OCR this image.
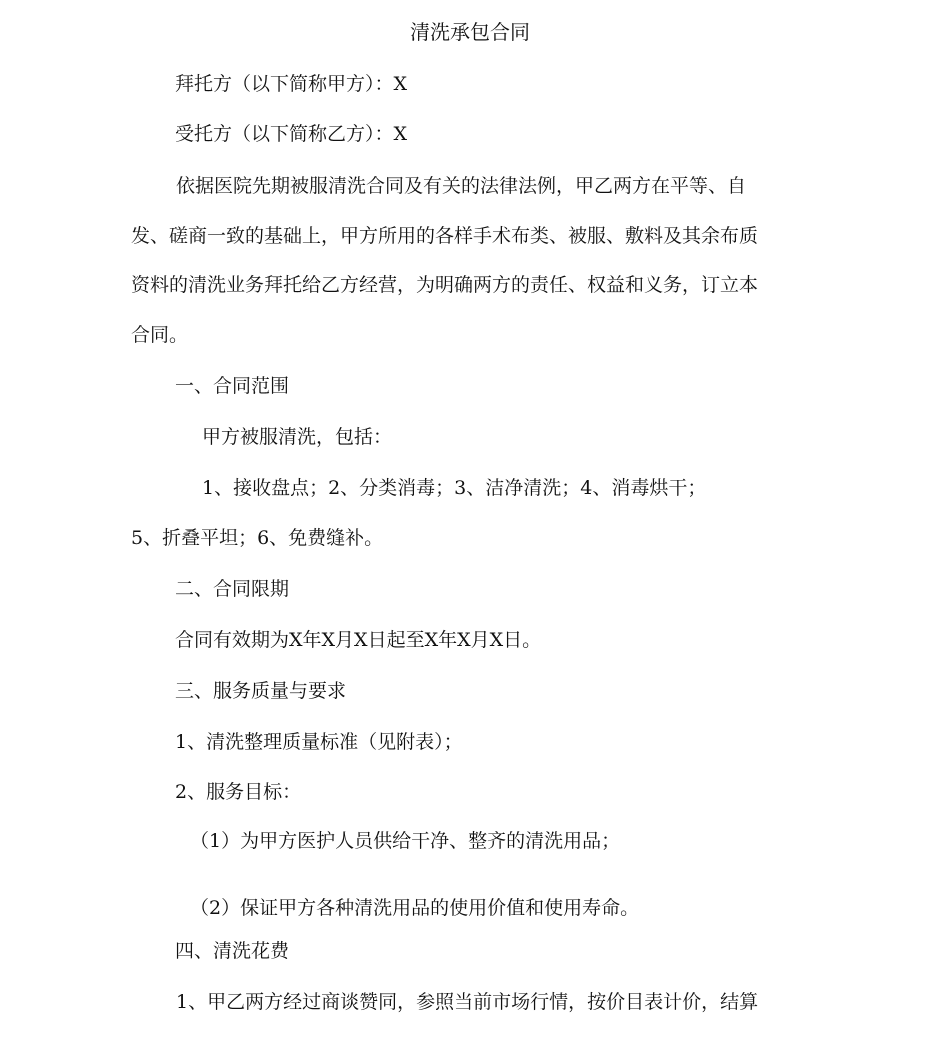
清洗承包合同
拜托方（以下简称甲方）：X
受托方（以下简称乙方）：X
依据医院先期被服清洗合同及有关的法律法例，甲乙两方在平等、自
发、磋商一致的基础上，甲方所用的各样手术布类、被服、敷料及其余布质
资料的清洗业务拜托给乙方经营，为明确两方的责任、权益和义务，订立本
合同。
一、合同范围
甲方被服清洗，包括：
1、接收盘点；2、分类消毒；3、洁净清洗；4、消毒烘干；
5、折叠平坦；6、免费缝补。
二、合同限期
合同有效期为X年X月X日起至X年X月X日。
三、服务质量与要求
1、清洗整理质量标准（见附表）；
2、服务目标：
（1）为甲方医护人员供给干净、整齐的清洗用品；
（2）保证甲方各种清洗用品的使用价值和使用寿命。
四、清洗花费
1、甲乙两方经过商谈赞同，参照当前市场行情，按价目表计价，结算
